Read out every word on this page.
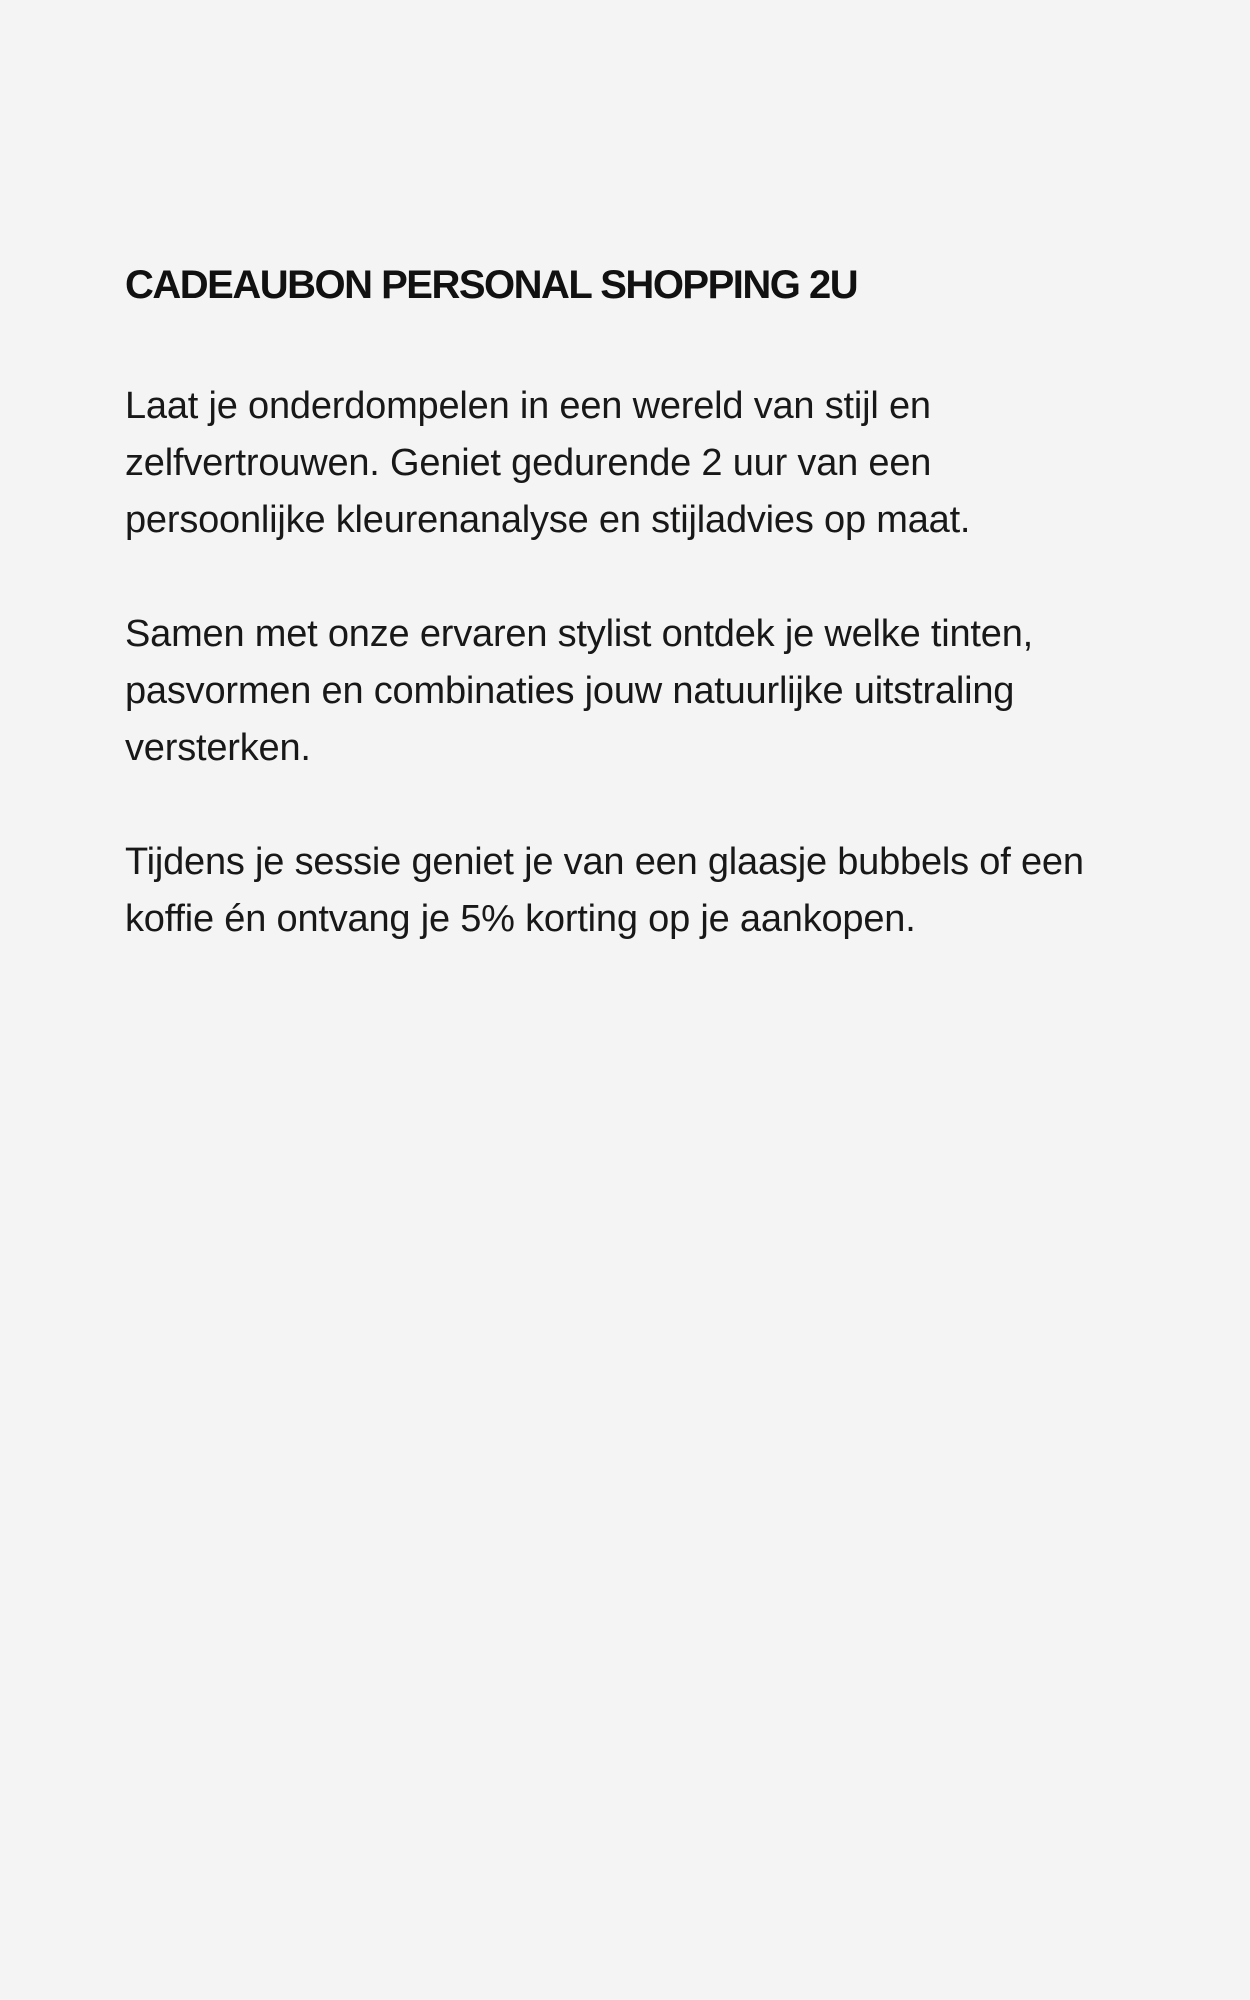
CADEAUBON PERSONAL SHOPPING 2U

Laat je onderdompelen in een wereld van stijl en zelfvertrouwen. Geniet gedurende 2 uur van een persoonlijke kleurenanalyse en stijladvies op maat.

Samen met onze ervaren stylist ontdek je welke tinten, pasvormen en combinaties jouw natuurlijke uitstraling versterken.

Tijdens je sessie geniet je van een glaasje bubbels of een koffie én ontvang je 5% korting op je aankopen.
